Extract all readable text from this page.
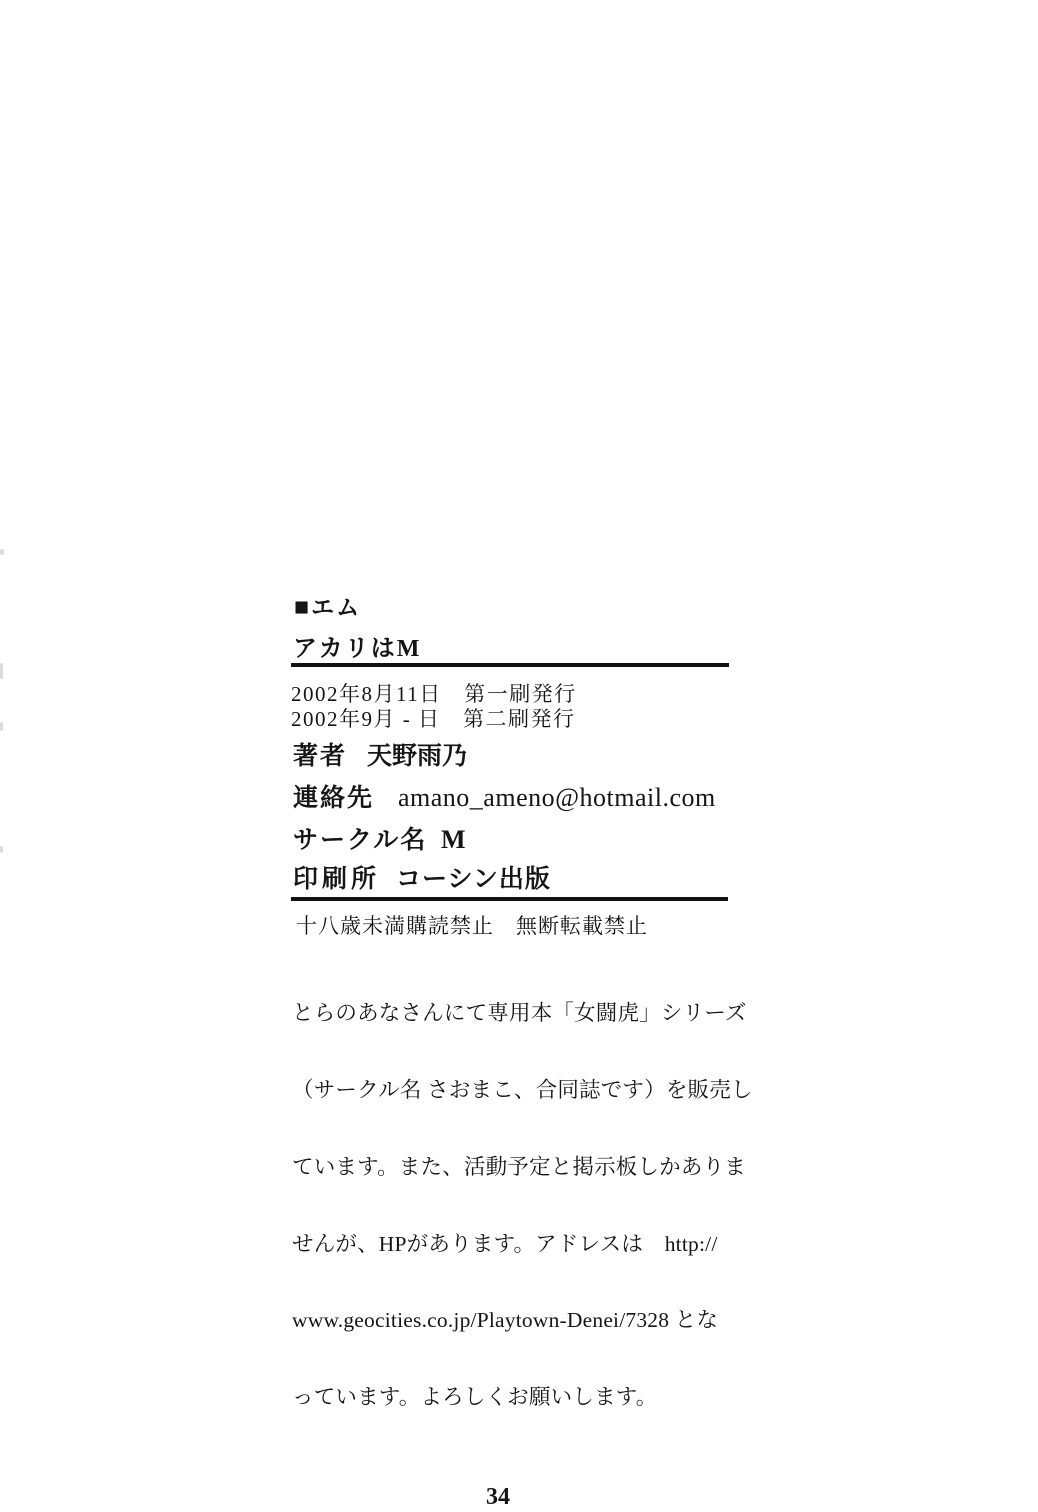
■ エム
アカリはM
2002年8月11日　第一刷発行
2002年9月 - 日　第二刷発行
著者 天野雨乃
連絡先 amano_ameno@hotmail.com
サークル名 M
印刷所 コーシン出版
十八歳未満購読禁止　無断転載禁止

とらのあなさんにて専用本「女闘虎」シリーズ

（サークル名 さおまこ、合同誌です）を販売し

ています。また、活動予定と掲示板しかありま

せんが、HPがあります。アドレスは　http://

www.geocities.co.jp/Playtown-Denei/7328 とな

っています。よろしくお願いします。

34
